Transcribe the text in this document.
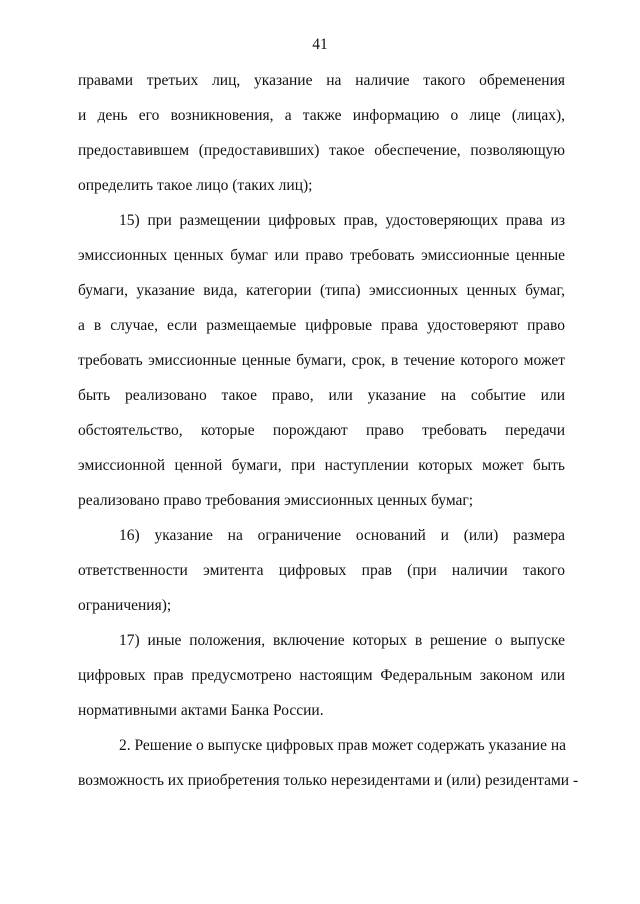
41
правами третьих лиц, указание на наличие такого обременения
и день его возникновения, а также информацию о лице (лицах),
предоставившем (предоставивших) такое обеспечение, позволяющую
определить такое лицо (таких лиц);
15) при размещении цифровых прав, удостоверяющих права из
эмиссионных ценных бумаг или право требовать эмиссионные ценные
бумаги, указание вида, категории (типа) эмиссионных ценных бумаг,
а в случае, если размещаемые цифровые права удостоверяют право
требовать эмиссионные ценные бумаги, срок, в течение которого может
быть реализовано такое право, или указание на событие или
обстоятельство, которые порождают право требовать передачи
эмиссионной ценной бумаги, при наступлении которых может быть
реализовано право требования эмиссионных ценных бумаг;
16) указание на ограничение оснований и (или) размера
ответственности эмитента цифровых прав (при наличии такого
ограничения);
17) иные положения, включение которых в решение о выпуске
цифровых прав предусмотрено настоящим Федеральным законом или
нормативными актами Банка России.
2. Решение о выпуске цифровых прав может содержать указание на
возможность их приобретения только нерезидентами и (или) резидентами -
